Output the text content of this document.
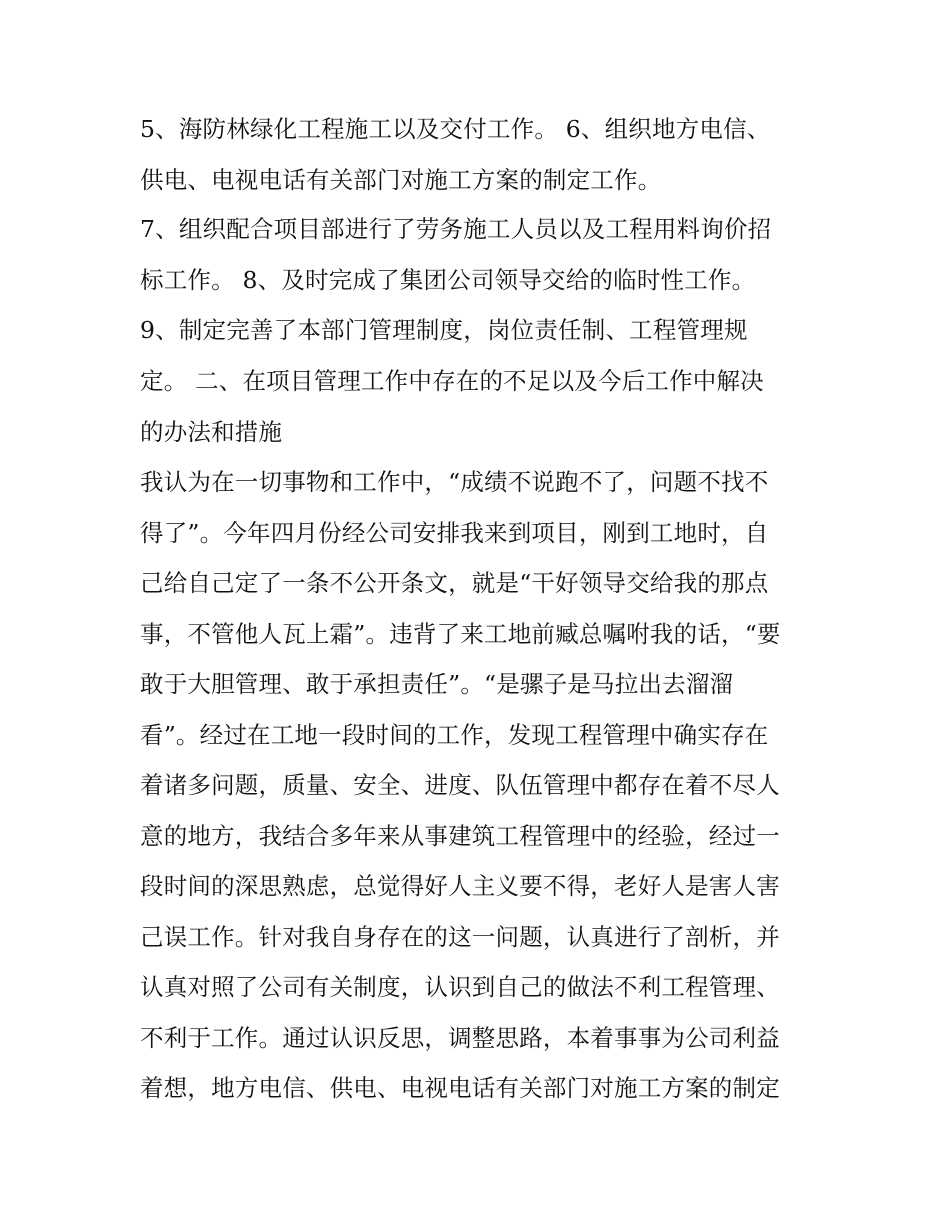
5、海防林绿化工程施工以及交付工作。 6、组织地方电信、
供电、电视电话有关部门对施工方案的制定工作。
7、组织配合项目部进行了劳务施工人员以及工程用料询价招
标工作。 8、及时完成了集团公司领导交给的临时性工作。
9、制定完善了本部门管理制度，岗位责任制、工程管理规
定。 二、在项目管理工作中存在的不足以及今后工作中解决
的办法和措施
我认为在一切事物和工作中，“成绩不说跑不了，问题不找不
得了”。今年四月份经公司安排我来到项目，刚到工地时，自
己给自己定了一条不公开条文，就是“干好领导交给我的那点
事，不管他人瓦上霜”。违背了来工地前臧总嘱咐我的话，“要
敢于大胆管理、敢于承担责任”。“是骡子是马拉出去溜溜
看”。经过在工地一段时间的工作，发现工程管理中确实存在
着诸多问题，质量、安全、进度、队伍管理中都存在着不尽人
意的地方，我结合多年来从事建筑工程管理中的经验，经过一
段时间的深思熟虑，总觉得好人主义要不得，老好人是害人害
己误工作。针对我自身存在的这一问题，认真进行了剖析，并
认真对照了公司有关制度，认识到自己的做法不利工程管理、
不利于工作。通过认识反思，调整思路，本着事事为公司利益
着想，地方电信、供电、电视电话有关部门对施工方案的制定
